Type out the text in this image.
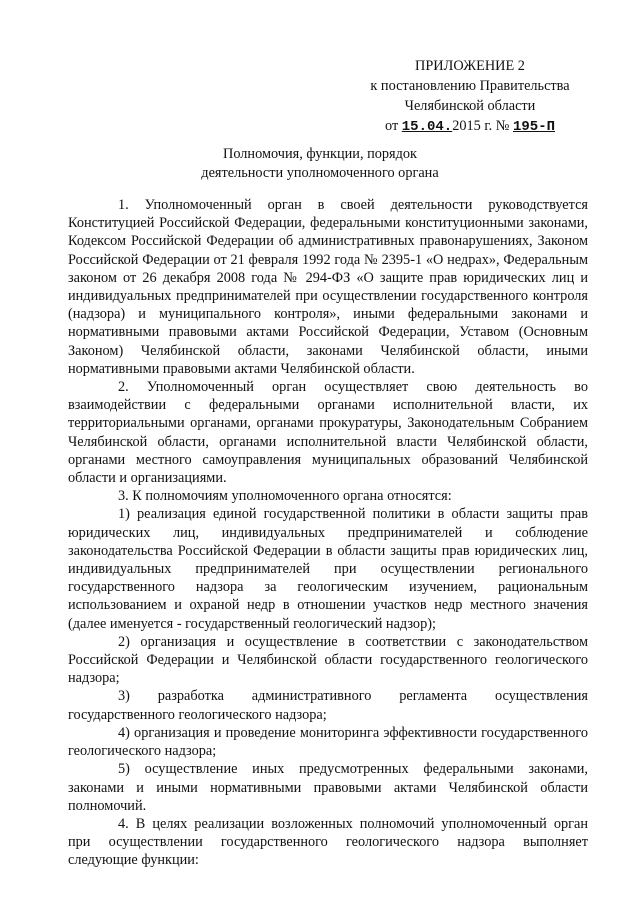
ПРИЛОЖЕНИЕ 2
к постановлению Правительства
Челябинской области
от 15.04.2015 г. № 195-П
Полномочия, функции, порядок
деятельности уполномоченного органа

1. Уполномоченный орган в своей деятельности руководствуется Конституцией Российской Федерации, федеральными конституционными законами, Кодексом Российской Федерации об административных правонарушениях, Законом Российской Федерации от 21 февраля 1992 года № 2395-1 «О недрах», Федеральным законом от 26 декабря 2008 года № 294-ФЗ «О защите прав юридических лиц и индивидуальных предпринимателей при осуществлении государственного контроля (надзора) и муниципального контроля», иными федеральными законами и нормативными правовыми актами Российской Федерации, Уставом (Основным Законом) Челябинской области, законами Челябинской области, иными нормативными правовыми актами Челябинской области.

2. Уполномоченный орган осуществляет свою деятельность во взаимодействии с федеральными органами исполнительной власти, их территориальными органами, органами прокуратуры, Законодательным Собранием Челябинской области, органами исполнительной власти Челябинской области, органами местного самоуправления муниципальных образований Челябинской области и организациями.

3. К полномочиям уполномоченного органа относятся:

1) реализация единой государственной политики в области защиты прав юридических лиц, индивидуальных предпринимателей и соблюдение законодательства Российской Федерации в области защиты прав юридических лиц, индивидуальных предпринимателей при осуществлении регионального государственного надзора за геологическим изучением, рациональным использованием и охраной недр в отношении участков недр местного значения (далее именуется - государственный геологический надзор);

2) организация и осуществление в соответствии с законодательством Российской Федерации и Челябинской области государственного геологического надзора;

3) разработка административного регламента осуществления государственного геологического надзора;

4) организация и проведение мониторинга эффективности государственного геологического надзора;

5) осуществление иных предусмотренных федеральными законами, законами и иными нормативными правовыми актами Челябинской области полномочий.

4. В целях реализации возложенных полномочий уполномоченный орган при осуществлении государственного геологического надзора выполняет следующие функции:
